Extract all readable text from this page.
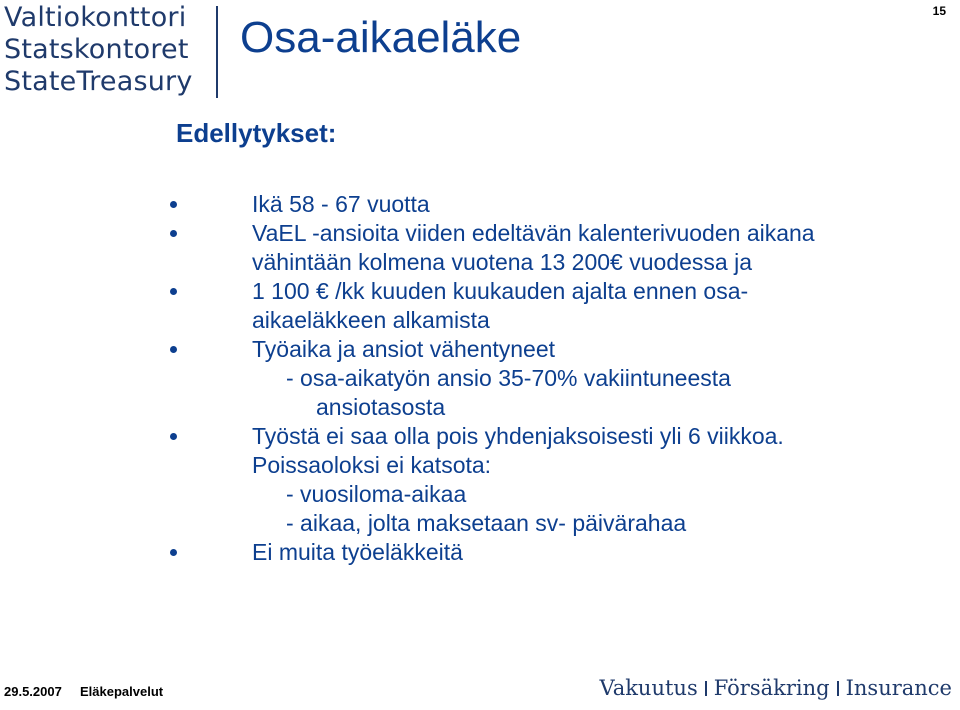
Valtiokonttori
Statskontoret
StateTreasury
Osa-aikaeläke
15
Edellytykset:
Ikä 58 - 67 vuotta
VaEL -ansioita viiden edeltävän kalenterivuoden aikana
vähintään kolmena vuotena 13 200€ vuodessa ja
1 100 € /kk kuuden kuukauden ajalta ennen osa-
aikaeläkkeen alkamista
Työaika ja ansiot vähentyneet
- osa-aikatyön ansio 35-70% vakiintuneesta
ansiotasosta
Työstä ei saa olla pois yhdenjaksoisesti yli 6 viikkoa.
Poissaoloksi ei katsota:
- vuosiloma-aikaa
- aikaa, jolta maksetaan sv- päivärahaa
Ei muita työeläkkeitä
29.5.2007 Eläkepalvelut	Vakuutus Försäkring Insurance
